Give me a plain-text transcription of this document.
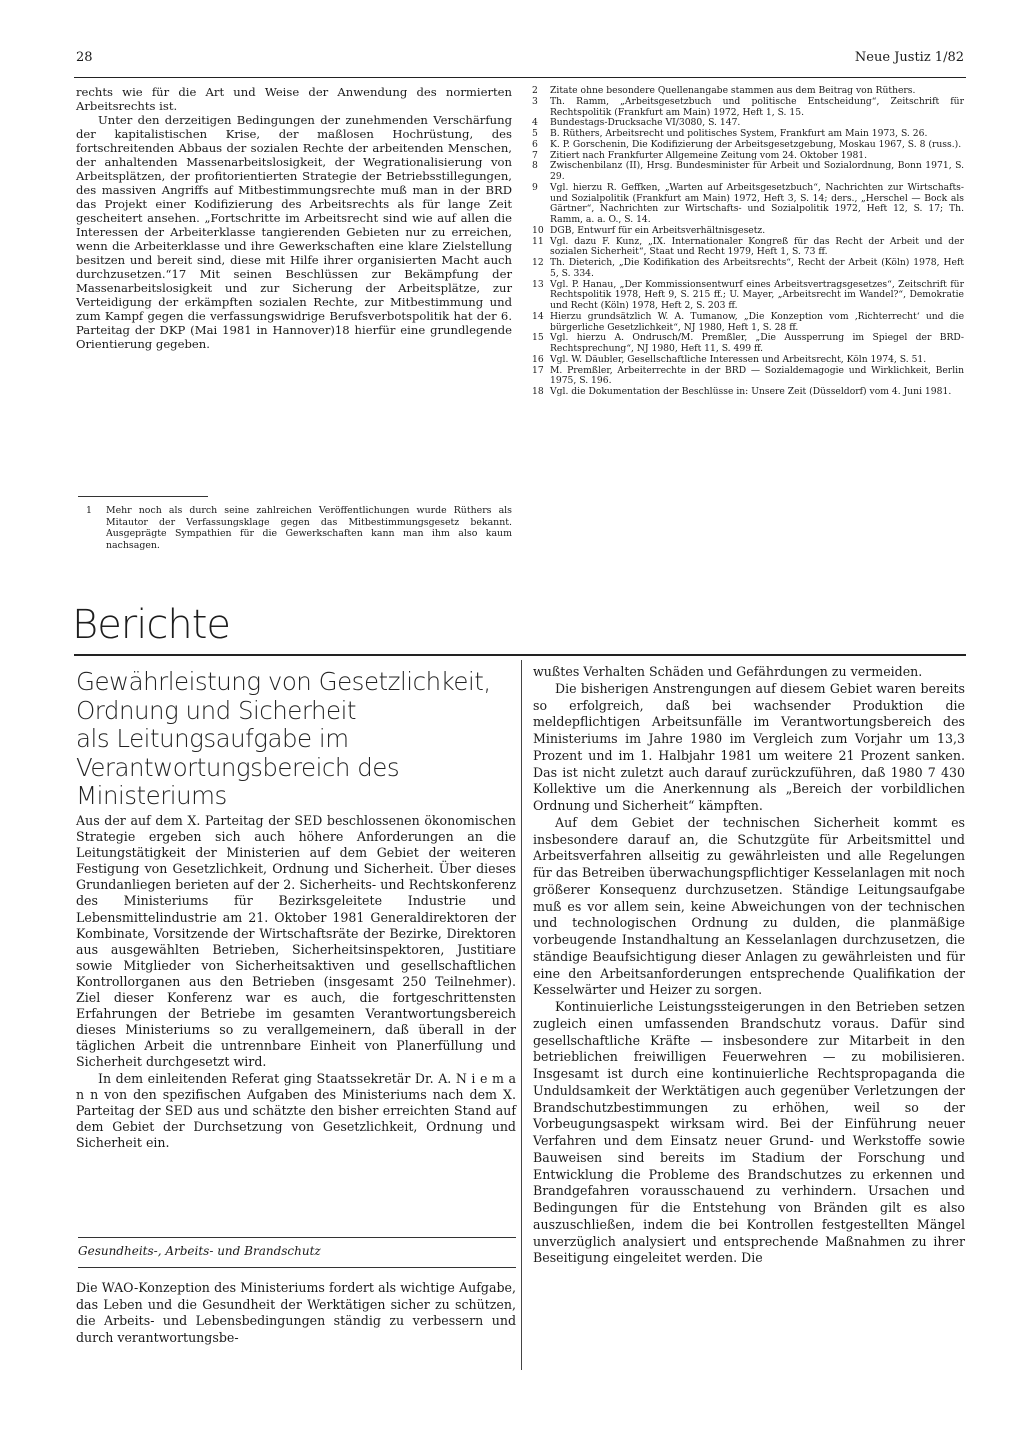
28	Neue Justiz 1/82

rechts wie für die Art und Weise der Anwendung des normierten Arbeitsrechts ist.

Unter den derzeitigen Bedingungen der zunehmenden Verschärfung der kapitalistischen Krise, der maßlosen Hochrüstung, des fortschreitenden Abbaus der sozialen Rechte der arbeitenden Menschen, der anhaltenden Massenarbeitslosigkeit, der Wegrationalisierung von Arbeitsplätzen, der profitorientierten Strategie der Betriebsstillegungen, des massiven Angriffs auf Mitbestimmungsrechte muß man in der BRD das Projekt einer Kodifizierung des Arbeitsrechts als für lange Zeit gescheitert ansehen. „Fortschritte im Arbeitsrecht sind wie auf allen die Interessen der Arbeiterklasse tangierenden Gebieten nur zu erreichen, wenn die Arbeiterklasse und ihre Gewerkschaften eine klare Zielstellung besitzen und bereit sind, diese mit Hilfe ihrer organisierten Macht auch durchzusetzen.“17 Mit seinen Beschlüssen zur Bekämpfung der Massenarbeitslosigkeit und zur Sicherung der Arbeitsplätze, zur Verteidigung der erkämpften sozialen Rechte, zur Mitbestimmung und zum Kampf gegen die verfassungswidrige Berufsverbotspolitik hat der 6. Parteitag der DKP (Mai 1981 in Hannover)18 hierfür eine grundlegende Orientierung gegeben.

1	Mehr noch als durch seine zahlreichen Veröffentlichungen wurde Rüthers als Mitautor der Verfassungsklage gegen das Mitbestimmungsgesetz bekannt. Ausgeprägte Sympathien für die Gewerkschaften kann man ihm also kaum nachsagen.
2	Zitate ohne besondere Quellenangabe stammen aus dem Beitrag von Rüthers.
3	Th. Ramm, „Arbeitsgesetzbuch und politische Entscheidung“, Zeitschrift für Rechtspolitik (Frankfurt am Main) 1972, Heft 1, S. 15.
4	Bundestags-Drucksache VI/3080, S. 147.
5	B. Rüthers, Arbeitsrecht und politisches System, Frankfurt am Main 1973, S. 26.
6	K. P. Gorschenin, Die Kodifizierung der Arbeitsgesetzgebung, Moskau 1967, S. 8 (russ.).
7	Zitiert nach Frankfurter Allgemeine Zeitung vom 24. Oktober 1981.
8	Zwischenbilanz (II), Hrsg. Bundesminister für Arbeit und Sozialordnung, Bonn 1971, S. 29.
9	Vgl. hierzu R. Geffken, „Warten auf Arbeitsgesetzbuch“, Nachrichten zur Wirtschafts- und Sozialpolitik (Frankfurt am Main) 1972, Heft 3, S. 14; ders., „Herschel — Bock als Gärtner“, Nachrichten zur Wirtschafts- und Sozialpolitik 1972, Heft 12, S. 17; Th. Ramm, a. a. O., S. 14.
10 DGB, Entwurf für ein Arbeitsverhältnisgesetz.
11 Vgl. dazu F. Kunz, „IX. Internationaler Kongreß für das Recht der Arbeit und der sozialen Sicherheit“, Staat und Recht 1979, Heft 1, S. 73 ff.
12 Th. Dieterich, „Die Kodifikation des Arbeitsrechts“, Recht der Arbeit (Köln) 1978, Heft 5, S. 334.
13 Vgl. P. Hanau, „Der Kommissionsentwurf eines Arbeitsvertragsgesetzes“, Zeitschrift für Rechtspolitik 1978, Heft 9, S. 215 ff.; U. Mayer, „Arbeitsrecht im Wandel?“, Demokratie und Recht (Köln) 1978, Heft 2, S. 203 ff.
14 Hierzu grundsätzlich W. A. Tumanow, „Die Konzeption vom ‚Richterrecht‘ und die bürgerliche Gesetzlichkeit“, NJ 1980, Heft 1, S. 28 ff.
15 Vgl. hierzu A. Ondrusch/M. Premßler, „Die Aussperrung im Spiegel der BRD-Rechtsprechung“, NJ 1980, Heft 11, S. 499 ff.
16 Vgl. W. Däubler, Gesellschaftliche Interessen und Arbeitsrecht, Köln 1974, S. 51.
17 M. Premßler, Arbeiterrechte in der BRD — Sozialdemagogie und Wirklichkeit, Berlin 1975, S. 196.
18 Vgl. die Dokumentation der Beschlüsse in: Unsere Zeit (Düsseldorf) vom 4. Juni 1981.
Berichte
Gewährleistung von Gesetzlichkeit,
Ordnung und Sicherheit
als Leitungsaufgabe im
Verantwortungsbereich des Ministeriums

Aus der auf dem X. Parteitag der SED beschlossenen ökonomischen Strategie ergeben sich auch höhere Anforderungen an die Leitungstätigkeit der Ministerien auf dem Gebiet der weiteren Festigung von Gesetzlichkeit, Ordnung und Sicherheit. Über dieses Grundanliegen berieten auf der 2. Sicherheits- und Rechtskonferenz des Ministeriums für Bezirksgeleitete Industrie und Lebensmittelindustrie am 21. Oktober 1981 Generaldirektoren der Kombinate, Vorsitzende der Wirtschaftsräte der Bezirke, Direktoren aus ausgewählten Betrieben, Sicherheitsinspektoren, Justitiare sowie Mitglieder von Sicherheitsaktiven und gesellschaftlichen Kontrollorganen aus den Betrieben (insgesamt 250 Teilnehmer). Ziel dieser Konferenz war es auch, die fortgeschrittensten Erfahrungen der Betriebe im gesamten Verantwortungsbereich dieses Ministeriums so zu verallgemeinern, daß überall in der täglichen Arbeit die untrennbare Einheit von Planerfüllung und Sicherheit durchgesetzt wird.

In dem einleitenden Referat ging Staatssekretär Dr. A. N i e m a n n von den spezifischen Aufgaben des Ministeriums nach dem X. Parteitag der SED aus und schätzte den bisher erreichten Stand auf dem Gebiet der Durchsetzung von Gesetzlichkeit, Ordnung und Sicherheit ein.

Gesundheits-, Arbeits- und Brandschutz

Die WAO-Konzeption des Ministeriums fordert als wichtige Aufgabe, das Leben und die Gesundheit der Werktätigen sicher zu schützen, die Arbeits- und Lebensbedingungen ständig zu verbessern und durch verantwortungsbe-

wußtes Verhalten Schäden und Gefährdungen zu vermeiden.

Die bisherigen Anstrengungen auf diesem Gebiet waren bereits so erfolgreich, daß bei wachsender Produktion die meldepflichtigen Arbeitsunfälle im Verantwortungsbereich des Ministeriums im Jahre 1980 im Vergleich zum Vorjahr um 13,3 Prozent und im 1. Halbjahr 1981 um weitere 21 Prozent sanken. Das ist nicht zuletzt auch darauf zurückzuführen, daß 1980 7 430 Kollektive um die Anerkennung als „Bereich der vorbildlichen Ordnung und Sicherheit“ kämpften.

Auf dem Gebiet der technischen Sicherheit kommt es insbesondere darauf an, die Schutzgüte für Arbeitsmittel und Arbeitsverfahren allseitig zu gewährleisten und alle Regelungen für das Betreiben überwachungspflichtiger Kesselanlagen mit noch größerer Konsequenz durchzusetzen. Ständige Leitungsaufgabe muß es vor allem sein, keine Abweichungen von der technischen und technologischen Ordnung zu dulden, die planmäßige vorbeugende Instandhaltung an Kesselanlagen durchzusetzen, die ständige Beaufsichtigung dieser Anlagen zu gewährleisten und für eine den Arbeitsanforderungen entsprechende Qualifikation der Kesselwärter und Heizer zu sorgen.

Kontinuierliche Leistungssteigerungen in den Betrieben setzen zugleich einen umfassenden Brandschutz voraus. Dafür sind gesellschaftliche Kräfte — insbesondere zur Mitarbeit in den betrieblichen freiwilligen Feuerwehren — zu mobilisieren. Insgesamt ist durch eine kontinuierliche Rechtspropaganda die Unduldsamkeit der Werktätigen auch gegenüber Verletzungen der Brandschutzbestimmungen zu erhöhen, weil so der Vorbeugungsaspekt wirksam wird. Bei der Einführung neuer Verfahren und dem Einsatz neuer Grund- und Werkstoffe sowie Bauweisen sind bereits im Stadium der Forschung und Entwicklung die Probleme des Brandschutzes zu erkennen und Brandgefahren vorausschauend zu verhindern. Ursachen und Bedingungen für die Entstehung von Bränden gilt es also auszuschließen, indem die bei Kontrollen festgestellten Mängel unverzüglich analysiert und entsprechende Maßnahmen zu ihrer Beseitigung eingeleitet werden. Die
